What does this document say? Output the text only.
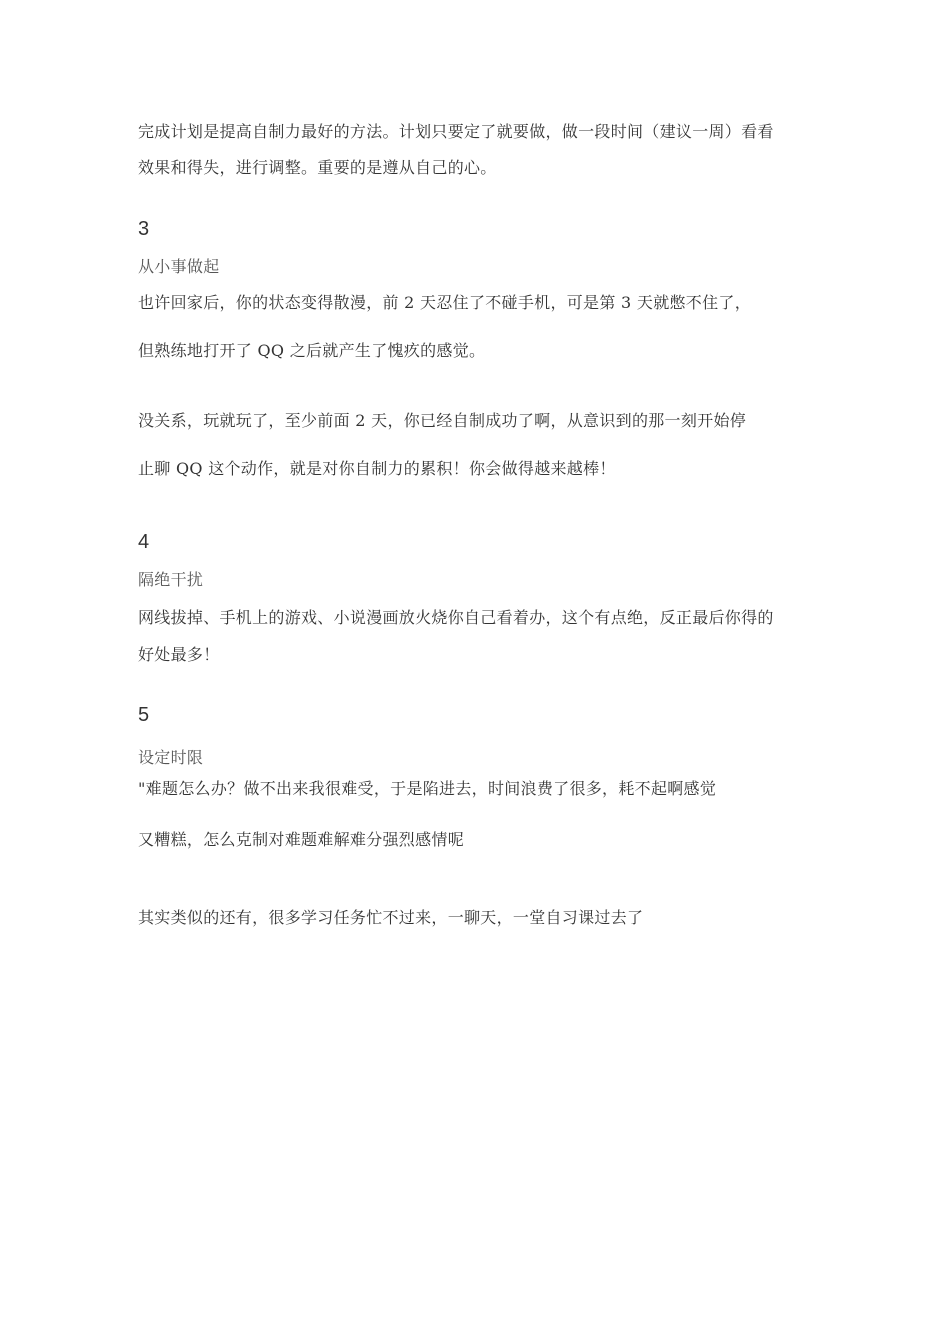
完成计划是提高自制力最好的方法。计划只要定了就要做，做一段时间（建议一周）看看
效果和得失，进行调整。重要的是遵从自己的心。
3
从小事做起
也许回家后，你的状态变得散漫，前 2 天忍住了不碰手机，可是第 3 天就憋不住了，
但熟练地打开了 QQ 之后就产生了愧疚的感觉。
没关系，玩就玩了，至少前面 2 天，你已经自制成功了啊，从意识到的那一刻开始停
止聊 QQ 这个动作，就是对你自制力的累积！你会做得越来越棒！
4
隔绝干扰
网线拔掉、手机上的游戏、小说漫画放火烧你自己看着办，这个有点绝，反正最后你得的
好处最多！
5
设定时限
"难题怎么办？做不出来我很难受，于是陷进去，时间浪费了很多，耗不起啊感觉
又糟糕，怎么克制对难题难解难分强烈感情呢
其实类似的还有，很多学习任务忙不过来，一聊天，一堂自习课过去了
